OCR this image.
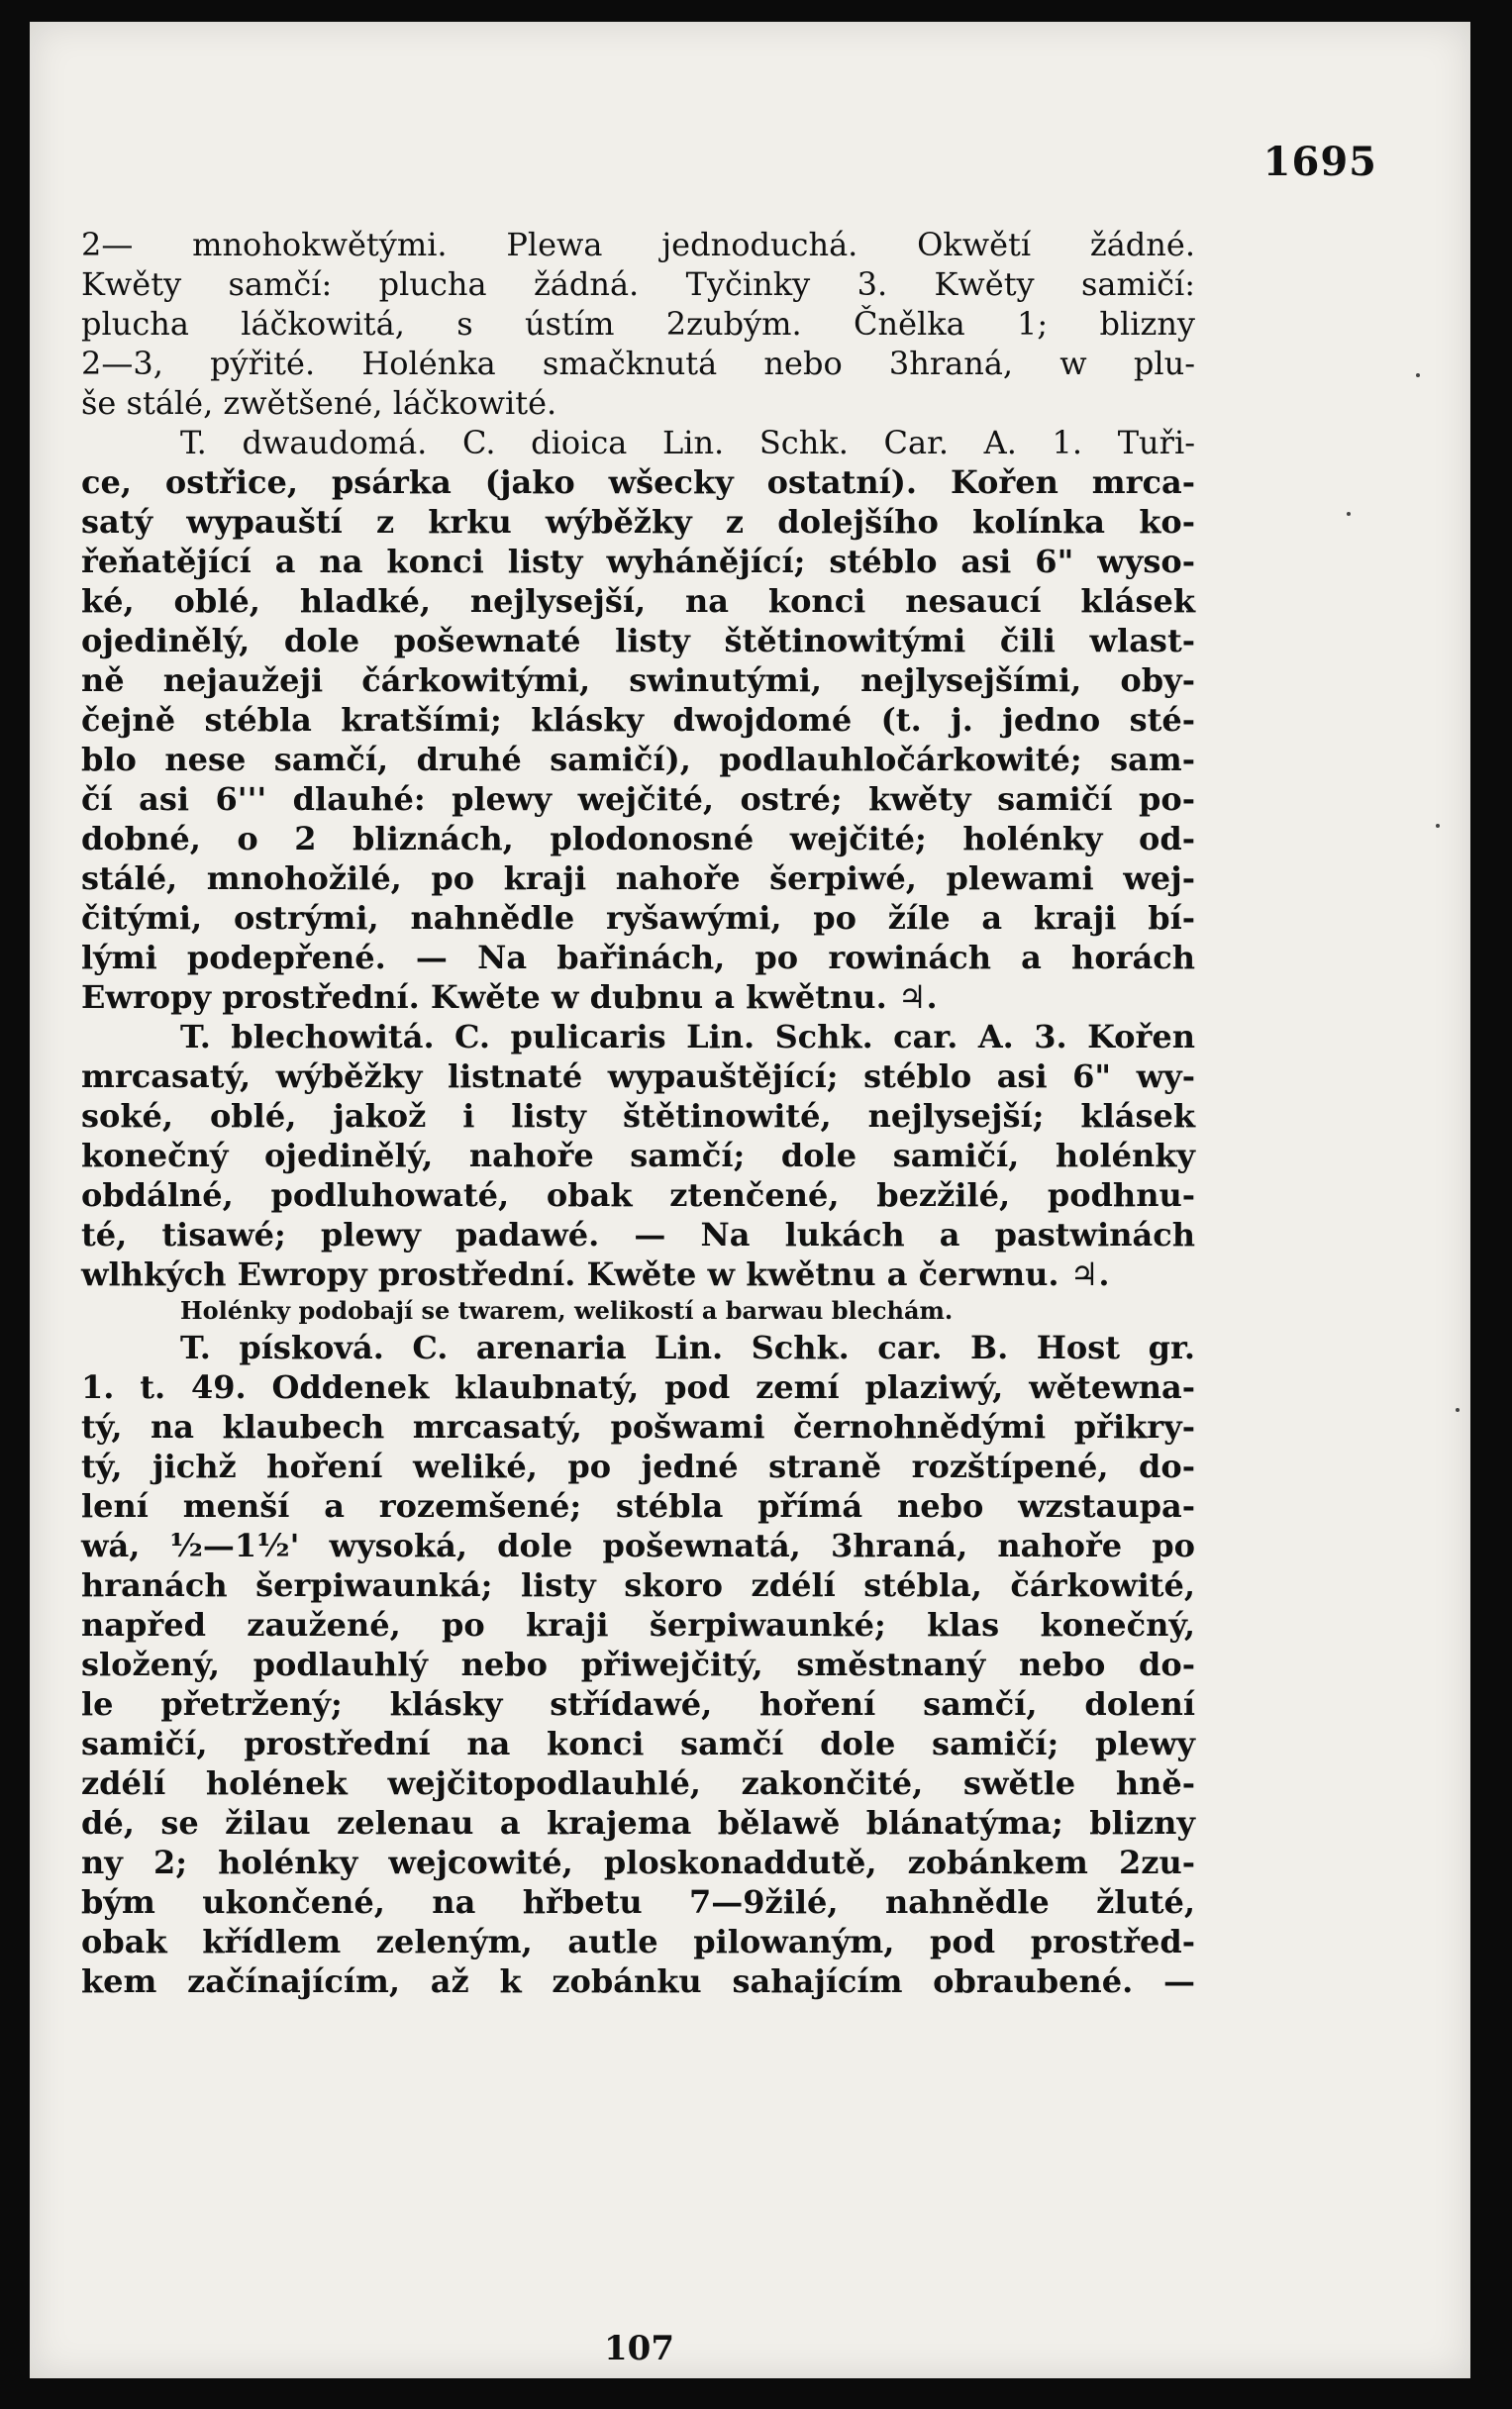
1695
2— mnohokwětými. Plewa jednoduchá. Okwětí žádné.
Kwěty samčí: plucha žádná. Tyčinky 3. Kwěty samičí:
plucha láčkowitá, s ústím 2zubým. Čnělka 1; blizny
2—3, pýřité. Holénka smačknutá nebo 3hraná, w plu-
še stálé, zwětšené, láčkowité.
T. dwaudomá. C. dioica Lin. Schk. Car. A. 1. Tuři-
ce, ostřice, psárka (jako wšecky ostatní). Kořen mrca-
satý wypauští z krku wýběžky z dolejšího kolínka ko-
řeňatějící a na konci listy wyhánějící; stéblo asi 6" wyso-
ké, oblé, hladké, nejlysejší, na konci nesaucí klásek
ojedinělý, dole pošewnaté listy štětinowitými čili wlast-
ně nejaužeji čárkowitými, swinutými, nejlysejšími, oby-
čejně stébla kratšími; klásky dwojdomé (t. j. jedno sté-
blo nese samčí, druhé samičí), podlauhločárkowité; sam-
čí asi 6''' dlauhé: plewy wejčité, ostré; kwěty samičí po-
dobné, o 2 bliznách, plodonosné wejčité; holénky od-
stálé, mnohožilé, po kraji nahoře šerpiwé, plewami wej-
čitými, ostrými, nahnědle ryšawými, po žíle a kraji bí-
lými podepřené. — Na bařinách, po rowinách a horách
Ewropy prostřední. Kwěte w dubnu a kwětnu. ♃.
T. blechowitá. C. pulicaris Lin. Schk. car. A. 3. Kořen
mrcasatý, wýběžky listnaté wypauštějící; stéblo asi 6" wy-
soké, oblé, jakož i listy štětinowité, nejlysejší; klásek
konečný ojedinělý, nahoře samčí; dole samičí, holénky
obdálné, podluhowaté, obak ztenčené, bezžilé, podhnu-
té, tisawé; plewy padawé. — Na lukách a pastwinách
wlhkých Ewropy prostřední. Kwěte w kwětnu a čerwnu. ♃.
Holénky podobají se twarem, welikostí a barwau blechám.
T. písková. C. arenaria Lin. Schk. car. B. Host gr.
1. t. 49. Oddenek klaubnatý, pod zemí plaziwý, wětewna-
tý, na klaubech mrcasatý, pošwami černohnědými přikry-
tý, jichž hoření weliké, po jedné straně rozštípené, do-
lení menší a rozemšené; stébla přímá nebo wzstaupa-
wá, ½—1½' wysoká, dole pošewnatá, 3hraná, nahoře po
hranách šerpiwaunká; listy skoro zdélí stébla, čárkowité,
napřed zaužené, po kraji šerpiwaunké; klas konečný,
složený, podlauhlý nebo přiwejčitý, směstnaný nebo do-
le přetržený; klásky střídawé, hoření samčí, dolení
samičí, prostřední na konci samčí dole samičí; plewy
zdélí holének wejčitopodlauhlé, zakončité, swětle hně-
dé, se žilau zelenau a krajema bělawě blánatýma; blizny
ny 2; holénky wejcowité, ploskonaddutě, zobánkem 2zu-
bým ukončené, na hřbetu 7—9žilé, nahnědle žluté,
obak křídlem zeleným, autle pilowaným, pod prostřed-
kem začínajícím, až k zobánku sahajícím obraubené. —
107
